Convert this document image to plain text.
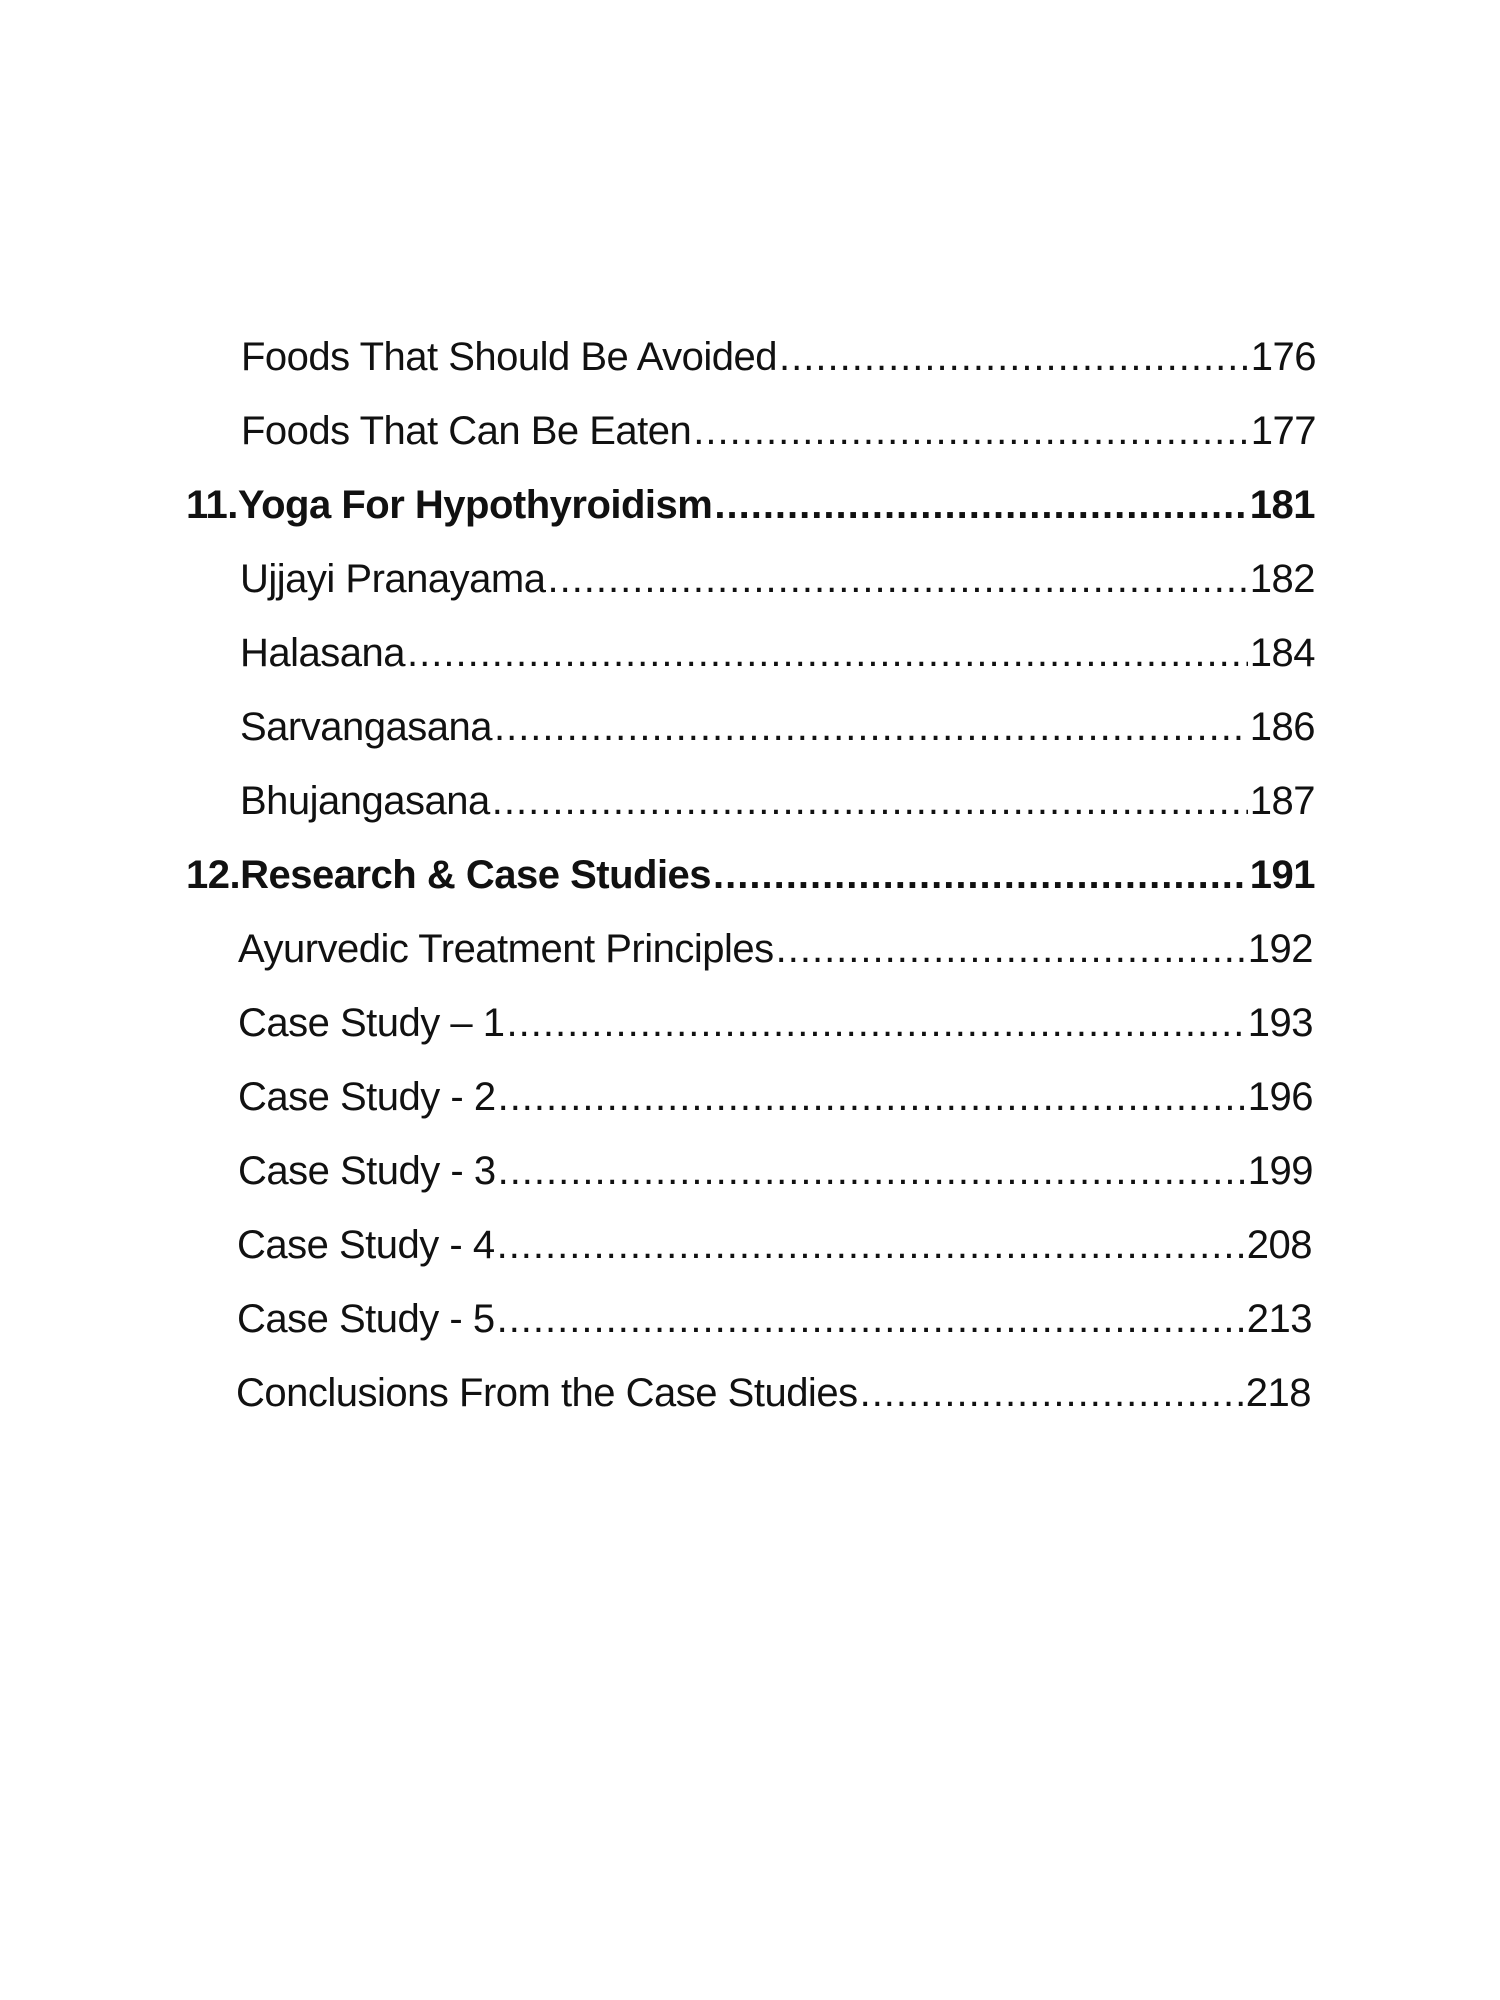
Foods That Should Be Avoided .....	176
Foods That Can Be Eaten .....	177
11.Yoga For Hypothyroidism .....	181
Ujjayi Pranayama .....	182
Halasana .....	184
Sarvangasana .....	186
Bhujangasana .....	187
12.Research & Case Studies .....	191
Ayurvedic Treatment Principles .....	192
Case Study – 1 .....	193
Case Study - 2 .....	196
Case Study - 3 .....	199
Case Study - 4 .....	208
Case Study - 5 .....	213
Conclusions From the Case Studies .....	218
